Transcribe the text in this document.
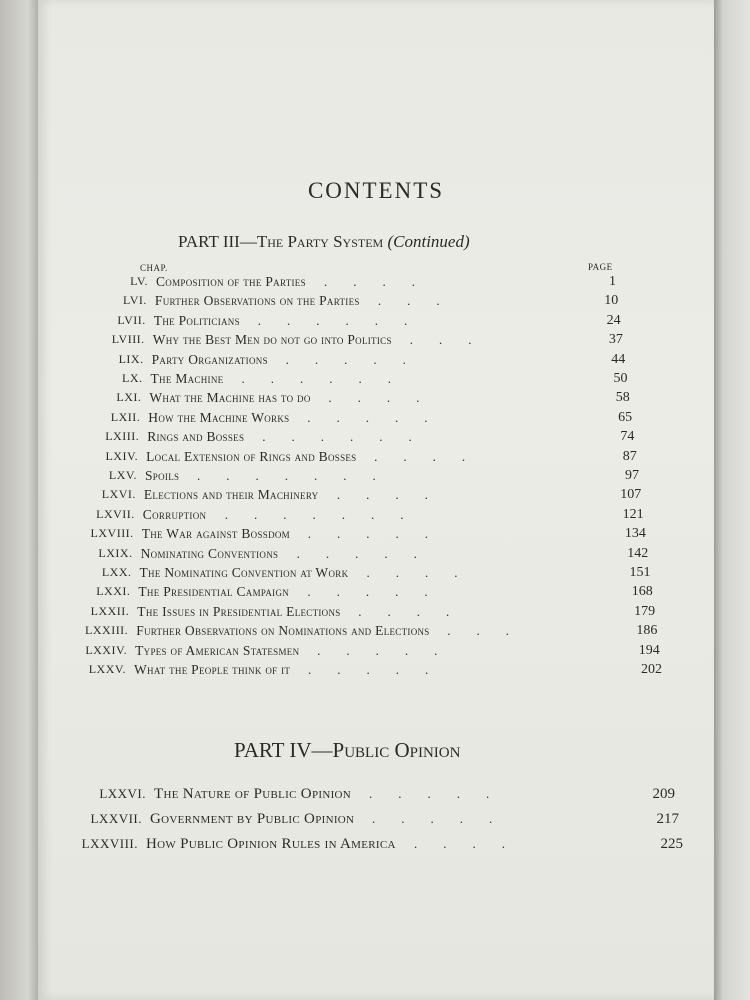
CONTENTS
PART III—The Party System (Continued)
CHAP.	PAGE
LV. Composition of the Parties	1
.        .        .        .
LVI. Further Observations on the Parties	10
.        .        .
LVII. The Politicians	24
.        .        .        .        .        .
LVIII. Why the Best Men do not go into Politics	37
.        .        .
LIX. Party Organizations	44
.        .        .        .        .
LX. The Machine	50
.        .        .        .        .        .
LXI. What the Machine has to do	58
.        .        .        .
LXII. How the Machine Works	65
.        .        .        .        .
LXIII. Rings and Bosses	74
.        .        .        .        .        .
LXIV. Local Extension of Rings and Bosses	87
.        .        .        .
LXV. Spoils	97
.        .        .        .        .        .        .
LXVI. Elections and their Machinery	107
.        .        .        .
LXVII. Corruption	121
.        .        .        .        .        .        .
LXVIII. The War against Bossdom	134
.        .        .        .        .
LXIX. Nominating Conventions	142
.        .        .        .        .
LXX. The Nominating Convention at Work	151
.        .        .        .
LXXI. The Presidential Campaign	168
.        .        .        .        .
LXXII. The Issues in Presidential Elections	179
.        .        .        .
LXXIII. Further Observations on Nominations and Elections	186
.        .        .
LXXIV. Types of American Statesmen	194
.        .        .        .        .
LXXV. What the People think of it	202
.        .        .        .        .
PART IV—Public Opinion
LXXVI. The Nature of Public Opinion	209
.        .        .        .        .
LXXVII. Government by Public Opinion	217
.        .        .        .        .
LXXVIII. How Public Opinion Rules in America	225
.        .        .        .
